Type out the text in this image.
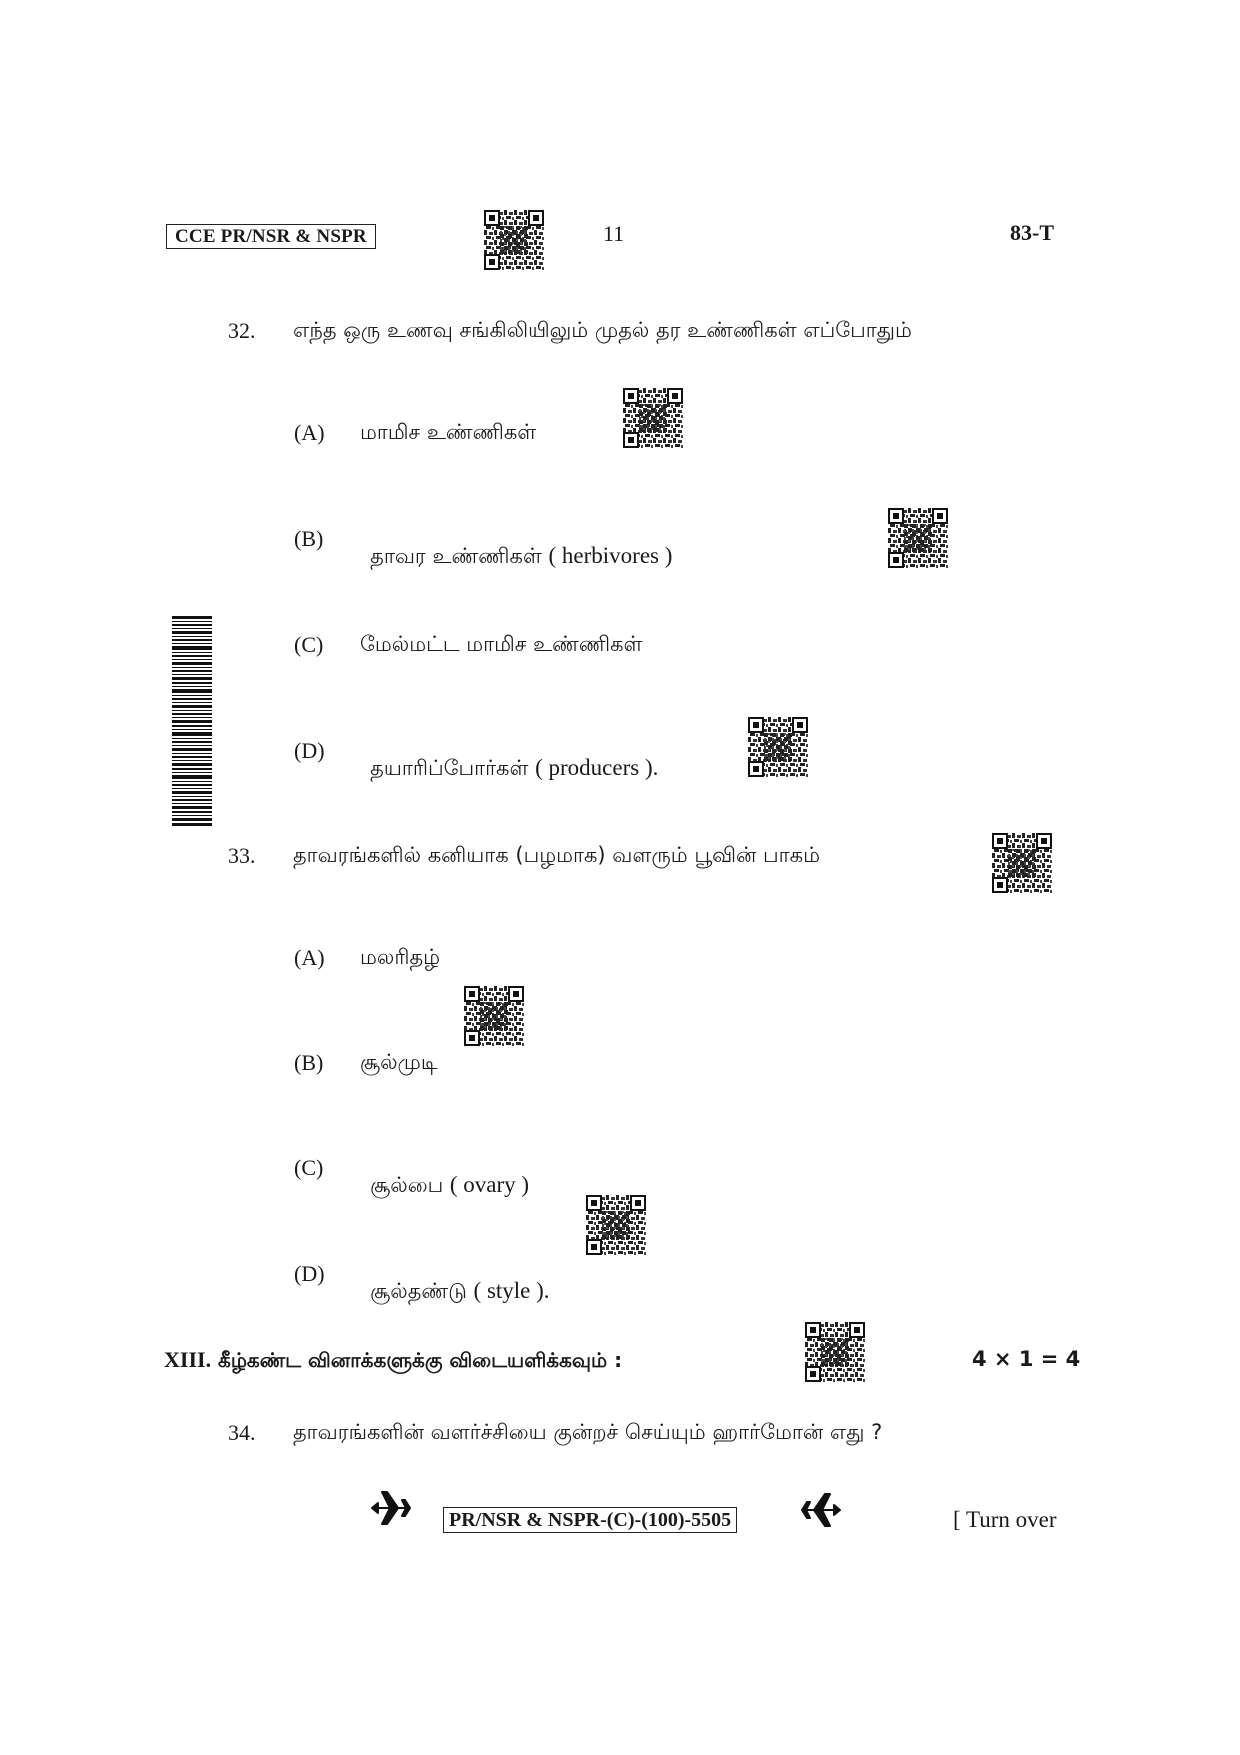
CCE PR/NSR & NSPR	11	83-T
32. எந்த ஒரு உணவு சங்கிலியிலும் முதல் தர உண்ணிகள் எப்போதும்
(A) மாமிச உண்ணிகள்
(B)

தாவர உண்ணிகள் ( herbivores )

(C) மேல்மட்ட மாமிச உண்ணிகள்
(D)

தயாரிப்போர்கள் ( producers ).

33. தாவரங்களில் கனியாக (பழமாக) வளரும் பூவின் பாகம்
(A) மலரிதழ்
(B) சூல்முடி
(C)

சூல்பை ( ovary )

(D)

சூல்தண்டு ( style ).

XIII. கீழ்கண்ட வினாக்களுக்கு விடையளிக்கவும் :	4 × 1 = 4
34. தாவரங்களின் வளர்ச்சியை குன்றச் செய்யும் ஹார்மோன் எது ?
PR/NSR & NSPR-(C)-(100)-5505	[ Turn over
